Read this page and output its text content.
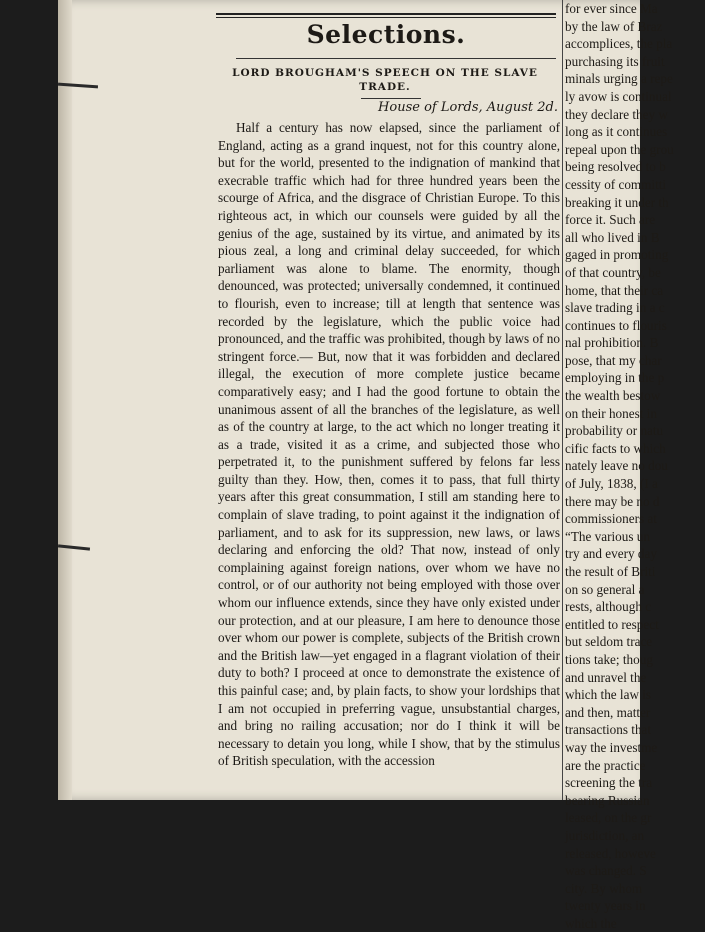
Selections.
LORD BROUGHAM'S SPEECH ON THE SLAVE TRADE.
House of Lords, August 2d.
Half a century has now elapsed, since the parliament of England, acting as a grand inquest, not for this country alone, but for the world, presented to the indignation of mankind that execrable traffic which had for three hundred years been the scourge of Africa, and the disgrace of Christian Europe. To this righteous act, in which our counsels were guided by all the genius of the age, sustained by its virtue, and animated by its pious zeal, a long and criminal delay succeeded, for which parliament was alone to blame. The enormity, though denounced, was protected; universally condemned, it continued to flourish, even to increase; till at length that sentence was recorded by the legislature, which the public voice had pronounced, and the traffic was prohibited, though by laws of no stringent force.— But, now that it was forbidden and declared illegal, the execution of more complete justice became comparatively easy; and I had the good fortune to obtain the unanimous assent of all the branches of the legislature, as well as of the country at large, to the act which no longer treating it as a trade, visited it as a crime, and subjected those who perpetrated it, to the punishment suffered by felons far less guilty than they. How, then, comes it to pass, that full thirty years after this great consummation, I still am standing here to complain of slave trading, to point against it the indignation of parliament, and to ask for its suppression, new laws, or laws declaring and enforcing the old? That now, instead of only complaining against foreign nations, over whom we have no control, or of our authority not being employed with those over whom our influence extends, since they have only existed under our protection, and at our pleasure, I am here to denounce those over whom our power is complete, subjects of the British crown and the British law—yet engaged in a flagrant violation of their duty to both? I proceed at once to demonstrate the existence of this painful case; and, by plain facts, to show your lordships that I am not occupied in preferring vague, unsubstantial charges, and bring no railing accusation; nor do I think it will be necessary to detain you long, while I show, that by the stimulus of British speculation, with the accession
for ever since Ma
by the law of Braz
accomplices, the pla
purchasing its fruit
minals urging a repe
ly avow is continual
they declare they w
long as it continues
repeal upon the grou
being resolved to b
cessity of committi
breaking it under th
force it. Such are
all who lived in B
gaged in promoting
of that country, be
home, that their ca
slave trading in a c
continues to flouris
nal prohibition. B
pose, that my char
employing in the p
the wealth bestow
on their honest in
probability or natu
cific facts to which
nately leave no dou
of July, 1838, (I a
there may be no d
commissioners at
“The various un
try and every day
the result of Briti
on so general a
rests, although c
entitled to respect
but seldom trace
tions take; thoug
and unravel the
which the law is
and then, matter
transactions that
way the investme
are the practice
screening the tra
bearing Russian
leased, on the gr
jurisdiction, an
released, howeve
was changed. S
city. By whom
twenty years in
which the
